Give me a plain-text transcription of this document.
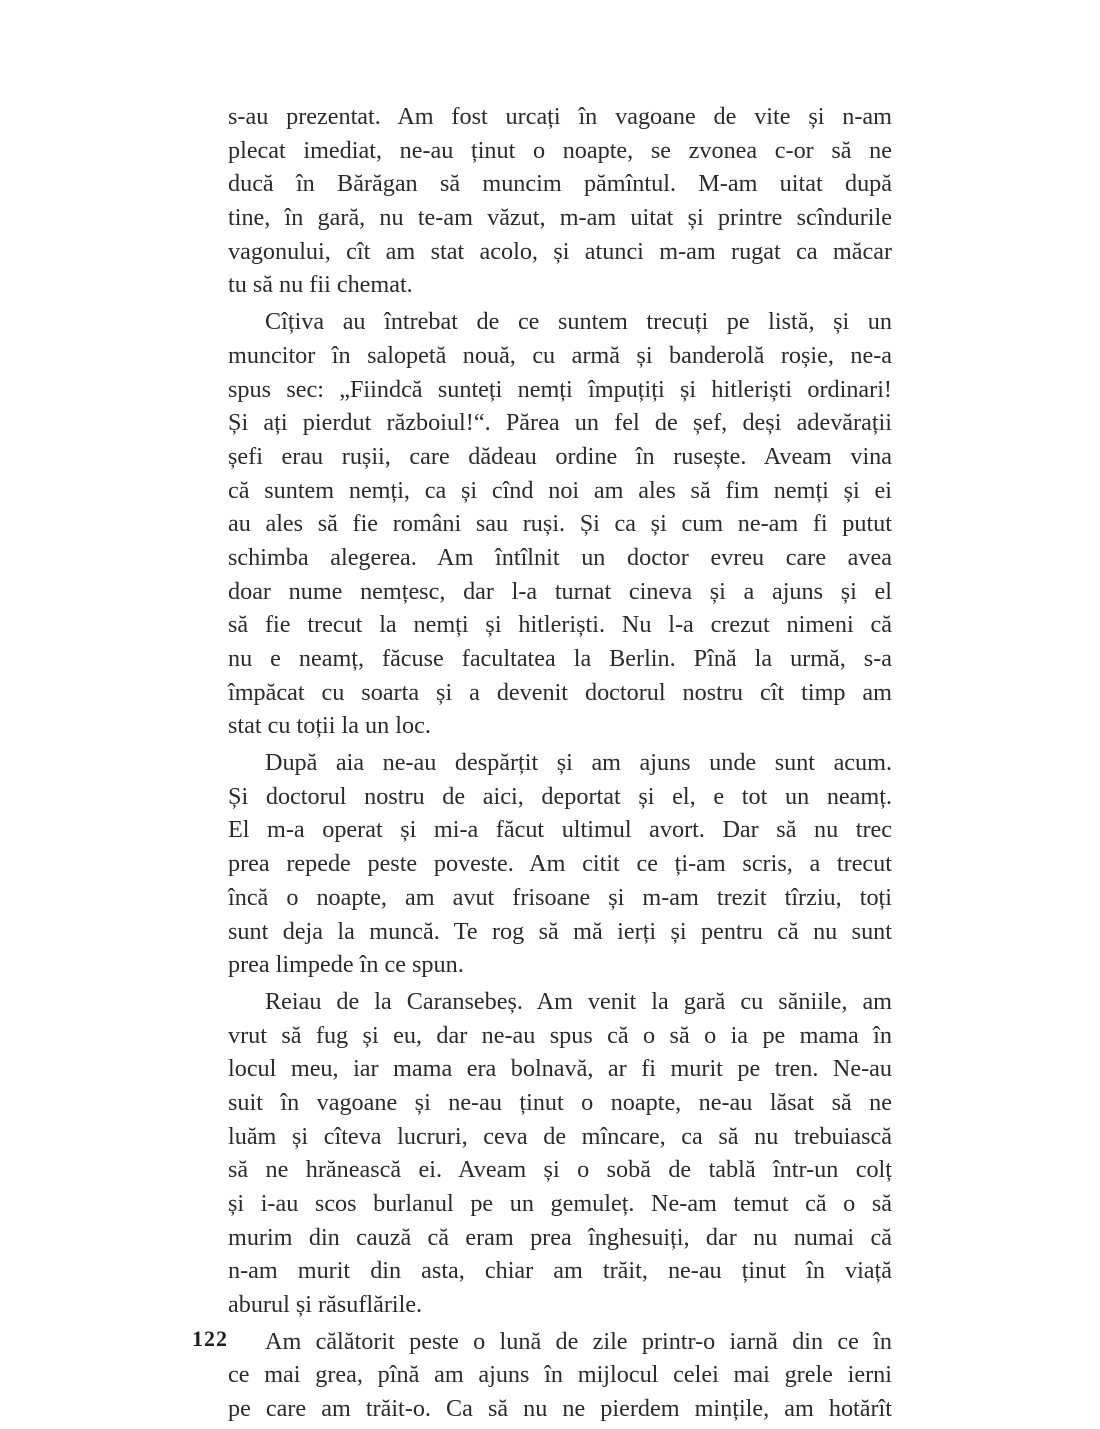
s-au prezentat. Am fost urcați în vagoane de vite și n-am
plecat imediat, ne-au ținut o noapte, se zvonea c-or să ne
ducă în Bărăgan să muncim pămîntul. M-am uitat după
tine, în gară, nu te-am văzut, m-am uitat și printre scîndurile
vagonului, cît am stat acolo, și atunci m-am rugat ca măcar
tu să nu fii chemat.
Cîțiva au întrebat de ce suntem trecuți pe listă, și un
muncitor în salopetă nouă, cu armă și banderolă roșie, ne-a
spus sec: „Fiindcă sunteți nemți împuțiți și hitleriști ordinari!
Și ați pierdut războiul!“. Părea un fel de șef, deși adevărații
șefi erau rușii, care dădeau ordine în rusește. Aveam vina
că suntem nemți, ca și cînd noi am ales să fim nemți și ei
au ales să fie români sau ruși. Și ca și cum ne-am fi putut
schimba alegerea. Am întîlnit un doctor evreu care avea
doar nume nemțesc, dar l-a turnat cineva și a ajuns și el
să fie trecut la nemți și hitleriști. Nu l-a crezut nimeni că
nu e neamț, făcuse facultatea la Berlin. Pînă la urmă, s-a
împăcat cu soarta și a devenit doctorul nostru cît timp am
stat cu toții la un loc.
După aia ne-au despărțit și am ajuns unde sunt acum.
Și doctorul nostru de aici, deportat și el, e tot un neamț.
El m-a operat și mi-a făcut ultimul avort. Dar să nu trec
prea repede peste poveste. Am citit ce ți-am scris, a trecut
încă o noapte, am avut frisoane și m-am trezit tîrziu, toți
sunt deja la muncă. Te rog să mă ierți și pentru că nu sunt
prea limpede în ce spun.
Reiau de la Caransebeș. Am venit la gară cu săniile, am
vrut să fug și eu, dar ne-au spus că o să o ia pe mama în
locul meu, iar mama era bolnavă, ar fi murit pe tren. Ne-au
suit în vagoane și ne-au ținut o noapte, ne-au lăsat să ne
luăm și cîteva lucruri, ceva de mîncare, ca să nu trebuiască
să ne hrănească ei. Aveam și o sobă de tablă într-un colț
și i-au scos burlanul pe un gemuleț. Ne-am temut că o să
murim din cauză că eram prea înghesuiți, dar nu numai că
n-am murit din asta, chiar am trăit, ne-au ținut în viață
aburul și răsuflările.
Am călătorit peste o lună de zile printr-o iarnă din ce în
ce mai grea, pînă am ajuns în mijlocul celei mai grele ierni
pe care am trăit-o. Ca să nu ne pierdem mințile, am hotărît
122
